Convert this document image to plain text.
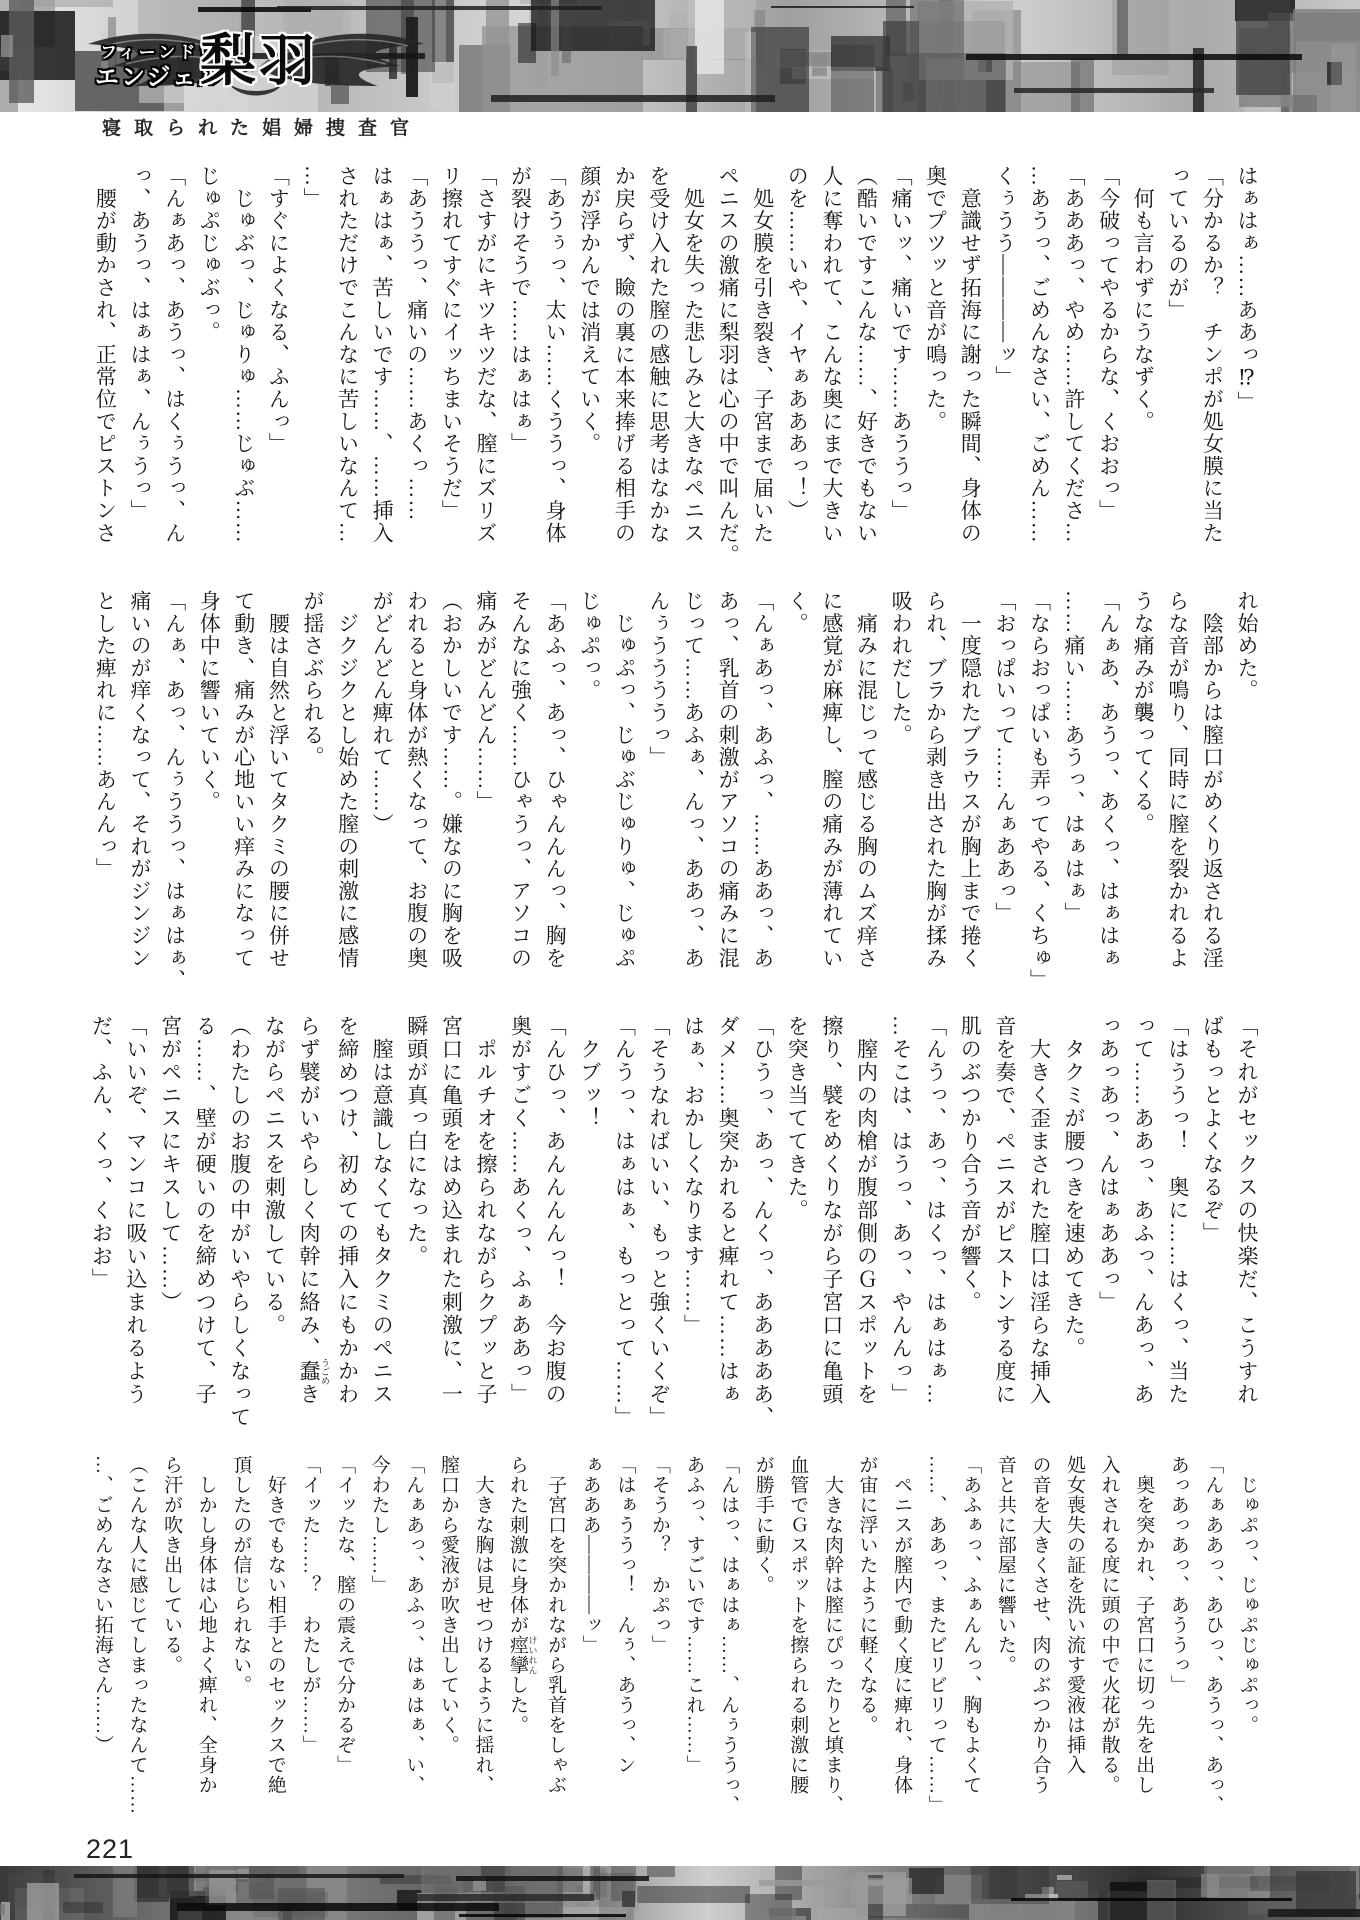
フィーンドウ
エンジェル
梨羽
寝取られた娼婦捜査官
はぁはぁ……ああっ⁉」
「分かるか？　チンポが処女膜に当た
っているのが」
　何も言わずにうなずく。
「今破ってやるからな、くおおっ」
「あああっ、やめ……許してくださ…
…あうっ、ごめんなさい、ごめん……
くぅうう――――ッ」
　意識せず拓海に謝った瞬間、身体の
奥でプツッと音が鳴った。
「痛いッ、痛いです……あううっ」
（酷いですこんな……、好きでもない
人に奪われて、こんな奥にまで大きい
のを……いや、イヤぁあああっ！）
　処女膜を引き裂き、子宮まで届いた
ペニスの激痛に梨羽は心の中で叫んだ。
　処女を失った悲しみと大きなペニス
を受け入れた膣の感触に思考はなかな
か戻らず、瞼の裏に本来捧げる相手の
顔が浮かんでは消えていく。
「あうぅっ、太い……くううっ、身体
が裂けそうで……はぁはぁ」
「さすがにキツキツだな、膣にズリズ
リ擦れてすぐにイッちまいそうだ」
「あううっ、痛いの……あくっ……
はぁはぁ、苦しいです……、……挿入
されただけでこんなに苦しいなんて…
…」
「すぐによくなる、ふんっ」
　じゅぶっ、じゅりゅ……じゅぶ……
じゅぷじゅぶっ。
「んぁあっ、あうっ、はくぅうっ、ん
っ、あうっ、はぁはぁ、んぅうっ」
　腰が動かされ、正常位でピストンさ
れ始めた。
　陰部からは膣口がめくり返される淫
らな音が鳴り、同時に膣を裂かれるよ
うな痛みが襲ってくる。
「んぁあ、あうっ、あくっ、はぁはぁ
……痛い……あうっ、はぁはぁ」
「ならおっぱいも弄ってやる、くちゅ」
「おっぱいって……んぁああっ」
　一度隠れたブラウスが胸上まで捲く
られ、ブラから剥き出された胸が揉み
吸われだした。
　痛みに混じって感じる胸のムズ痒さ
に感覚が麻痺し、膣の痛みが薄れてい
く。
「んぁあっ、あふっ、……ああっ、あ
あっ、乳首の刺激がアソコの痛みに混
じって……あふぁ、んっ、ああっ、あ
んぅううううっ」
　じゅぷっ、じゅぶじゅりゅ、じゅぷ
じゅぷっ。
「あふっ、あっ、ひゃんんんっ、胸を
そんなに強く……ひゃうっ、アソコの
痛みがどんどん……」
（おかしいです……。嫌なのに胸を吸
われると身体が熱くなって、お腹の奥
がどんどん痺れて……）
　ジクジクとし始めた膣の刺激に感情
が揺さぶられる。
　腰は自然と浮いてタクミの腰に併せ
て動き、痛みが心地いい痒みになって
身体中に響いていく。
「んぁ、あっ、んぅううっ、はぁはぁ、
痛いのが痒くなって、それがジンジン
とした痺れに……あんんっ」
「それがセックスの快楽だ、こうすれ
ばもっとよくなるぞ」
「はううっ！　奥に……はくっ、当た
って……ああっ、あふっ、んあっ、あ
っあっあっ、んはぁああっ」
　タクミが腰つきを速めてきた。
　大きく歪まされた膣口は淫らな挿入
音を奏で、ペニスがピストンする度に
肌のぶつかり合う音が響く。
「んうっ、あっ、はくっ、はぁはぁ…
…そこは、はうっ、あっ、やんんっ」
　膣内の肉槍が腹部側のＧスポットを
擦り、襞をめくりながら子宮口に亀頭
を突き当ててきた。
「ひうっ、あっ、んくっ、あああああ、
ダメ……奥突かれると痺れて……はぁ
はぁ、おかしくなります……」
「そうなればいい、もっと強くいくぞ」
「んうっ、はぁはぁ、もっとって……」
　クブッ！
「んひっ、あんんんんっ！　今お腹の
奥がすごく……あくっ、ふぁああっ」
　ポルチオを擦られながらクプッと子
宮口に亀頭をはめ込まれた刺激に、一
瞬頭が真っ白になった。
　膣は意識しなくてもタクミのペニス
を締めつけ、初めての挿入にもかかわ
らず襞がいやらしく肉幹に絡み、蠢 うごめき
ながらペニスを刺激している。
（わたしのお腹の中がいやらしくなって
る……、壁が硬いのを締めつけて、子
宮がペニスにキスして……）
「いいぞ、マンコに吸い込まれるよう
だ、ふん、くっ、くおお」
　じゅぷっ、じゅぷじゅぷっ。
「んぁああっ、あひっ、あうっ、あっ、
あっあっあっ、あううっ」
　奥を突かれ、子宮口に切っ先を出し
入れされる度に頭の中で火花が散る。
処女喪失の証を洗い流す愛液は挿入
の音を大きくさせ、肉のぶつかり合う
音と共に部屋に響いた。
「あふぁっ、ふぁんんっ、胸もよくて
……、ああっ、またビリビリって……」
　ペニスが膣内で動く度に痺れ、身体
が宙に浮いたように軽くなる。
　大きな肉幹は膣にぴったりと填まり、
血管でＧスポットを擦られる刺激に腰
が勝手に動く。
「んはっ、はぁはぁ……、んぅううっ、
あふっ、すごいです……これ……」
「そうか？　かぷっ」
「はぁううっ！　んぅ、あうっ、ン
ぁあああ――――ッ」
　子宮口を突かれながら乳首をしゃぶ
られた刺激に身体が痙攣 けいれんした。
　大きな胸は見せつけるように揺れ、
膣口から愛液が吹き出していく。
「んぁあっ、あふっ、はぁはぁ、い、
今わたし……」
「イッたな、膣の震えで分かるぞ」
「イッた……？　わたしが……」
　好きでもない相手とのセックスで絶
頂したのが信じられない。
　しかし身体は心地よく痺れ、全身か
ら汗が吹き出している。
（こんな人に感じてしまったなんて……
…、ごめんなさい拓海さん……）
221
